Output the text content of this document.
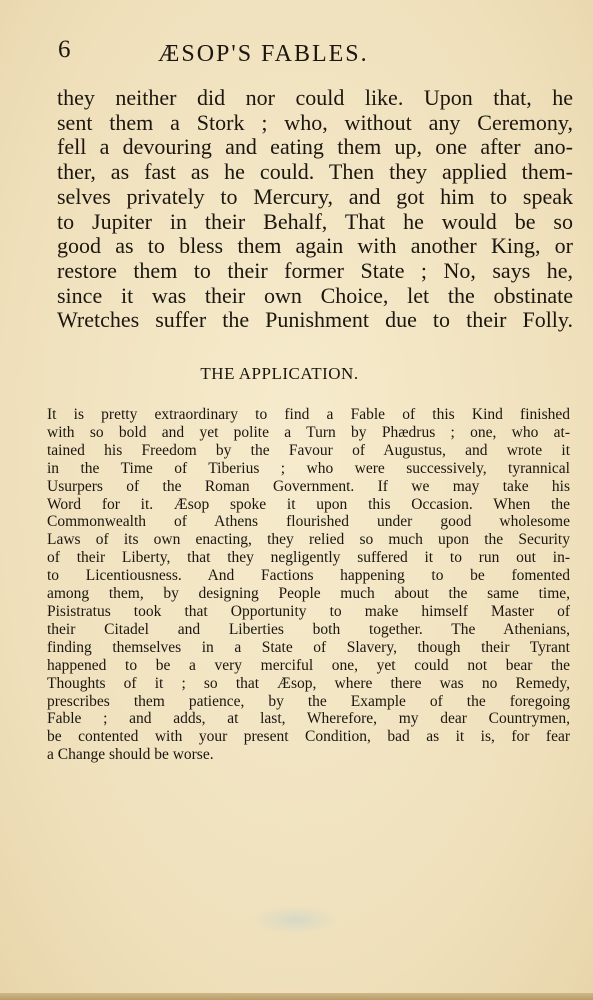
6	ÆSOP'S FABLES.
they neither did nor could like. Upon that, he
sent them a Stork ; who, without any Ceremony,
fell a devouring and eating them up, one after ano-
ther, as fast as he could. Then they applied them-
selves privately to Mercury, and got him to speak
to Jupiter in their Behalf, That he would be so
good as to bless them again with another King, or
restore them to their former State ; No, says he,
since it was their own Choice, let the obstinate
Wretches suffer the Punishment due to their Folly.
THE APPLICATION.
It is pretty extraordinary to find a Fable of this Kind finished
with so bold and yet polite a Turn by Phædrus ; one, who at-
tained his Freedom by the Favour of Augustus, and wrote it
in the Time of Tiberius ; who were successively, tyrannical
Usurpers of the Roman Government. If we may take his
Word for it. Æsop spoke it upon this Occasion. When the
Commonwealth of Athens flourished under good wholesome
Laws of its own enacting, they relied so much upon the Security
of their Liberty, that they negligently suffered it to run out in-
to Licentiousness. And Factions happening to be fomented
among them, by designing People much about the same time,
Pisistratus took that Opportunity to make himself Master of
their Citadel and Liberties both together. The Athenians,
finding themselves in a State of Slavery, though their Tyrant
happened to be a very merciful one, yet could not bear the
Thoughts of it ; so that Æsop, where there was no Remedy,
prescribes them patience, by the Example of the foregoing
Fable ; and adds, at last, Wherefore, my dear Countrymen,
be contented with your present Condition, bad as it is, for fear
a Change should be worse.
